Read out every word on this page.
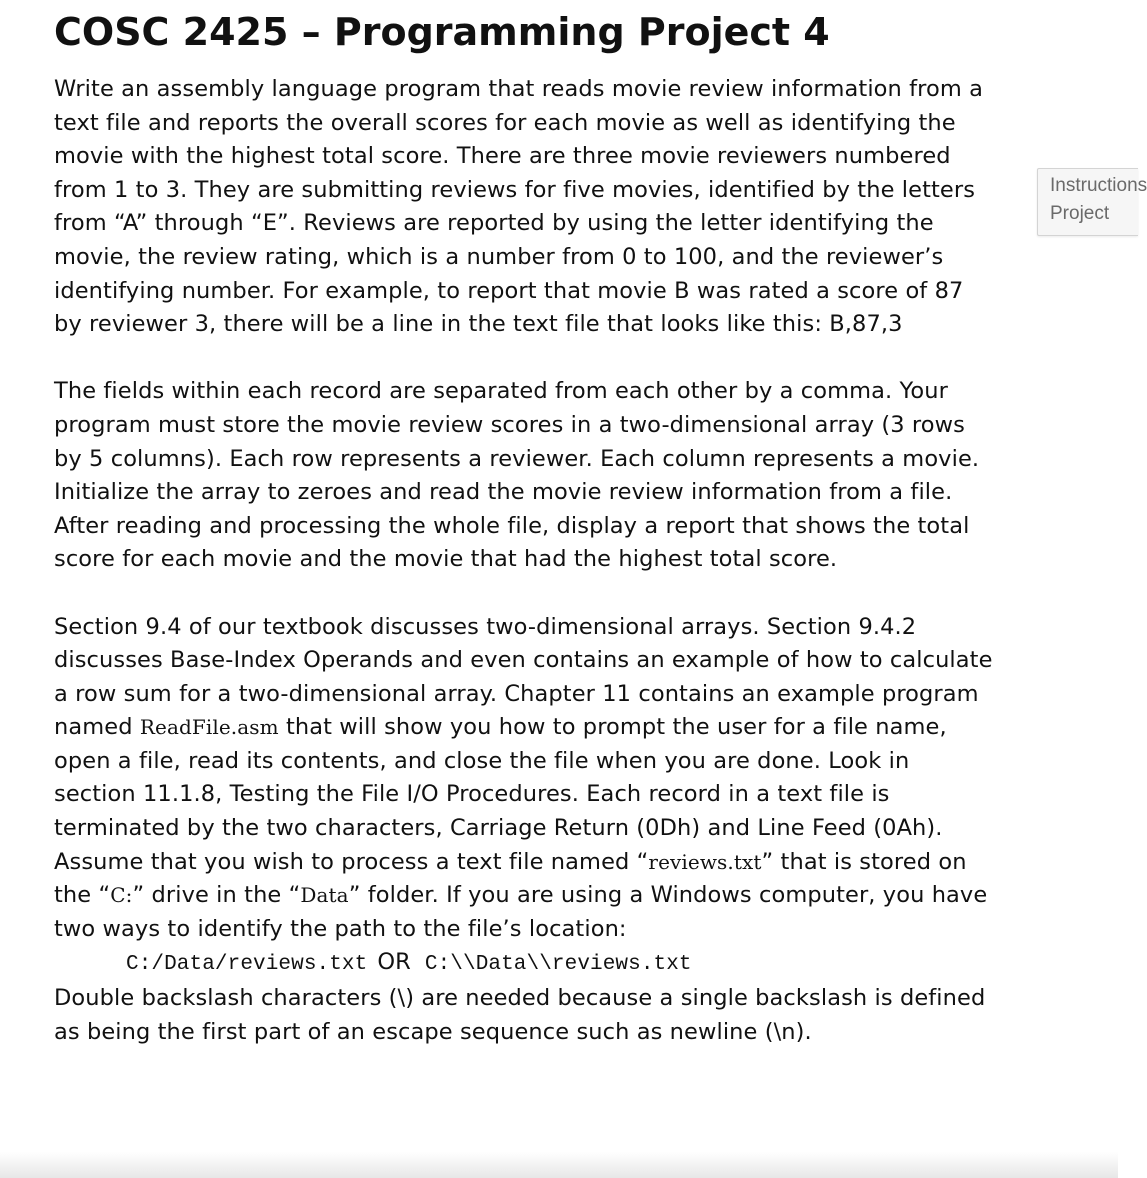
COSC 2425 – Programming Project 4

Write an assembly language program that reads movie review information from a text file and reports the overall scores for each movie as well as identifying the movie with the highest total score. There are three movie reviewers numbered from 1 to 3. They are submitting reviews for five movies, identified by the letters from “A” through “E”. Reviews are reported by using the letter identifying the movie, the review rating, which is a number from 0 to 100, and the reviewer’s identifying number. For example, to report that movie B was rated a score of 87 by reviewer 3, there will be a line in the text file that looks like this: B,87,3

The fields within each record are separated from each other by a comma. Your program must store the movie review scores in a two-dimensional array (3 rows by 5 columns). Each row represents a reviewer. Each column represents a movie. Initialize the array to zeroes and read the movie review information from a file. After reading and processing the whole file, display a report that shows the total score for each movie and the movie that had the highest total score.

Section 9.4 of our textbook discusses two-dimensional arrays. Section 9.4.2 discusses Base-Index Operands and even contains an example of how to calculate a row sum for a two-dimensional array. Chapter 11 contains an example program named ReadFile.asm that will show you how to prompt the user for a file name, open a file, read its contents, and close the file when you are done. Look in section 11.1.8, Testing the File I/O Procedures. Each record in a text file is terminated by the two characters, Carriage Return (0Dh) and Line Feed (0Ah).

Assume that you wish to process a text file named “reviews.txt” that is stored on the “C:” drive in the “Data” folder. If you are using a Windows computer, you have two ways to identify the path to the file’s location:

C:/Data/reviews.txt OR C:\\Data\\reviews.txt

Double backslash characters (\) are needed because a single backslash is defined as being the first part of an escape sequence such as newline (\n).

Instructions
Project
